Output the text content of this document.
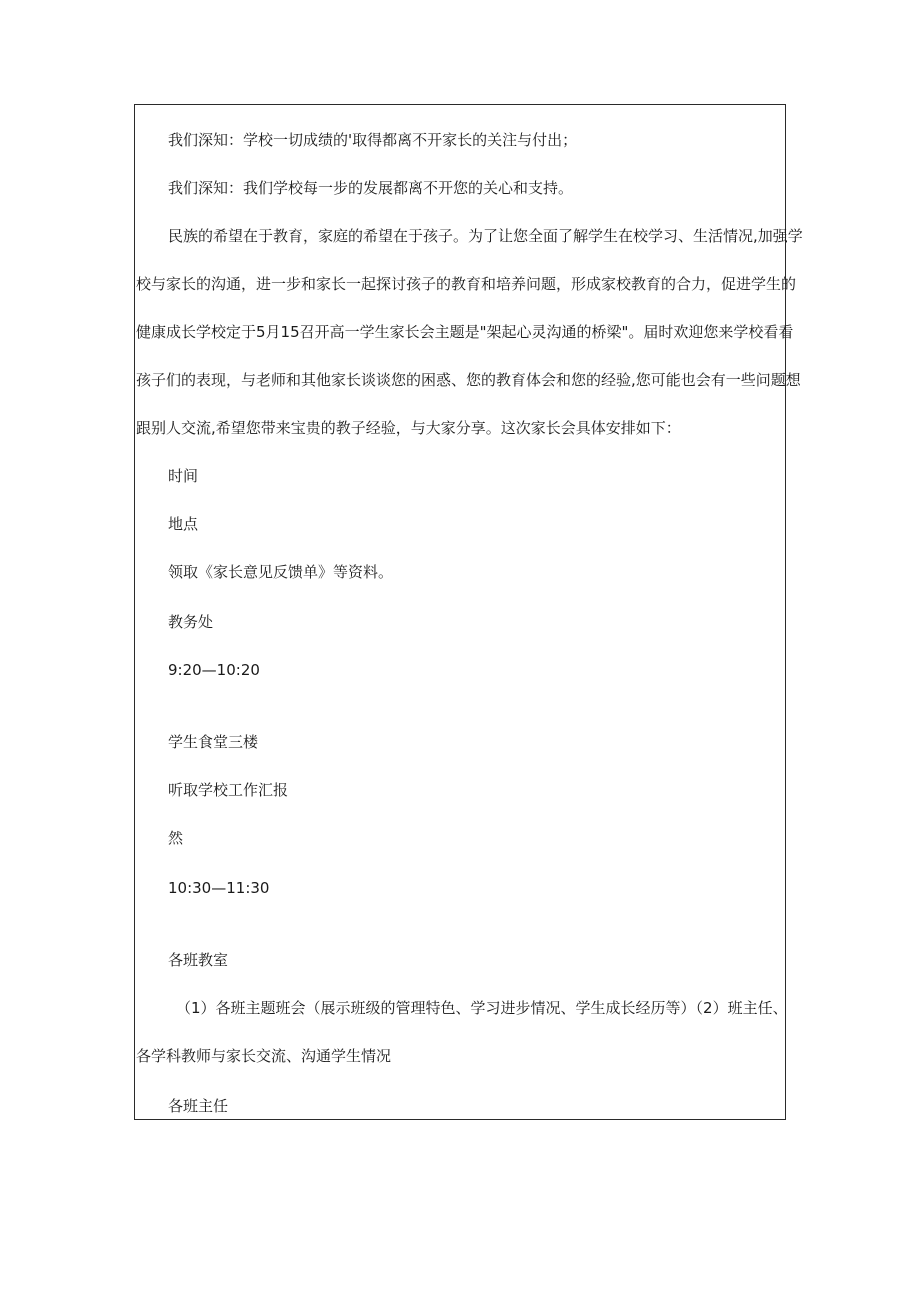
我们深知：学校一切成绩的'取得都离不开家长的关注与付出；
我们深知：我们学校每一步的发展都离不开您的关心和支持。
民族的希望在于教育，家庭的希望在于孩子。为了让您全面了解学生在校学习、生活情况,加强学
校与家长的沟通，进一步和家长一起探讨孩子的教育和培养问题，形成家校教育的合力，促进学生的
健康成长学校定于5月15召开高一学生家长会主题是"架起心灵沟通的桥梁"。届时欢迎您来学校看看
孩子们的表现，与老师和其他家长谈谈您的困惑、您的教育体会和您的经验,您可能也会有一些问题想
跟别人交流,希望您带来宝贵的教子经验，与大家分享。这次家长会具体安排如下：
时间
地点
领取《家长意见反馈单》等资料。
教务处
9:20—10:20
学生食堂三楼
听取学校工作汇报
然
10:30—11:30
各班教室
（1）各班主题班会（展示班级的管理特色、学习进步情况、学生成长经历等）（2）班主任、
各学科教师与家长交流、沟通学生情况
各班主任
